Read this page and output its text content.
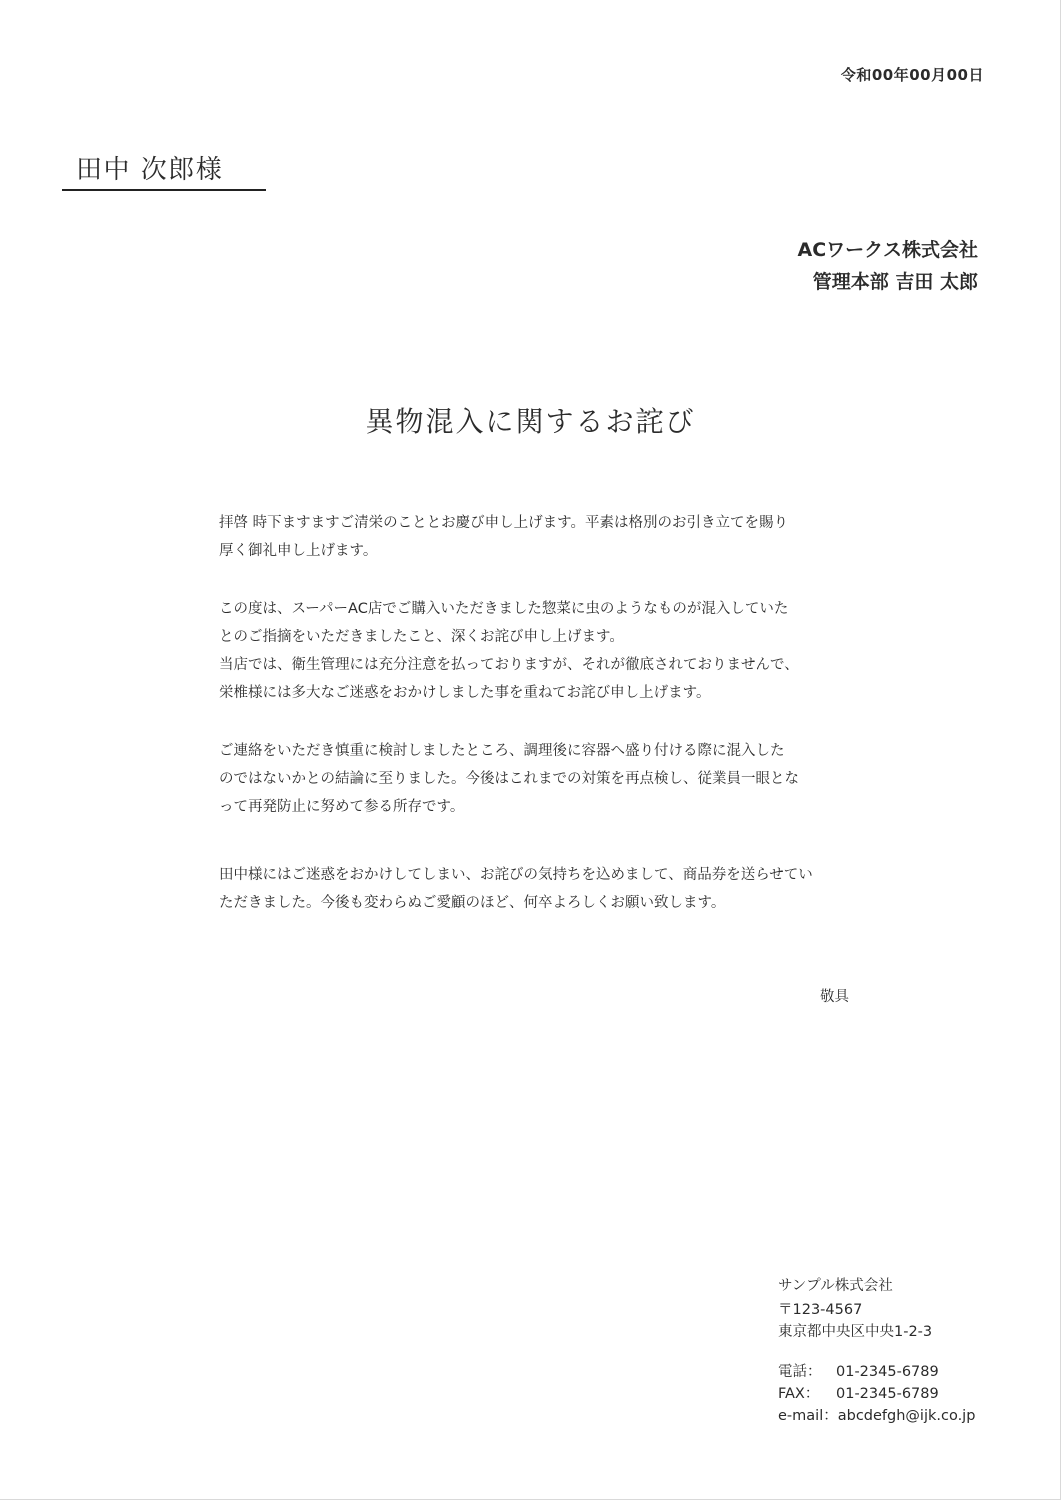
令和00年00月00日
田中 次郎様
ACワークス株式会社
管理本部 吉田 太郎
異物混入に関するお詫び
拝啓 時下ますますご清栄のこととお慶び申し上げます。平素は格別のお引き立てを賜り
厚く御礼申し上げます。
この度は、スーパーAC店でご購入いただきました惣菜に虫のようなものが混入していた
とのご指摘をいただきましたこと、深くお詫び申し上げます。
当店では、衛生管理には充分注意を払っておりますが、それが徹底されておりませんで、
栄椎様には多大なご迷惑をおかけしました事を重ねてお詫び申し上げます。
ご連絡をいただき慎重に検討しましたところ、調理後に容器へ盛り付ける際に混入した
のではないかとの結論に至りました。今後はこれまでの対策を再点検し、従業員一眼とな
って再発防止に努めて参る所存です。
田中様にはご迷惑をおかけしてしまい、お詫びの気持ちを込めまして、商品券を送らせてい
ただきました。今後も変わらぬご愛顧のほど、何卒よろしくお願い致します。
敬具
サンプル株式会社
〒123-4567
東京都中央区中央1-2-3
電話：	01-2345-6789
FAX：	01-2345-6789
e-mail： abcdefgh@ijk.co.jp
